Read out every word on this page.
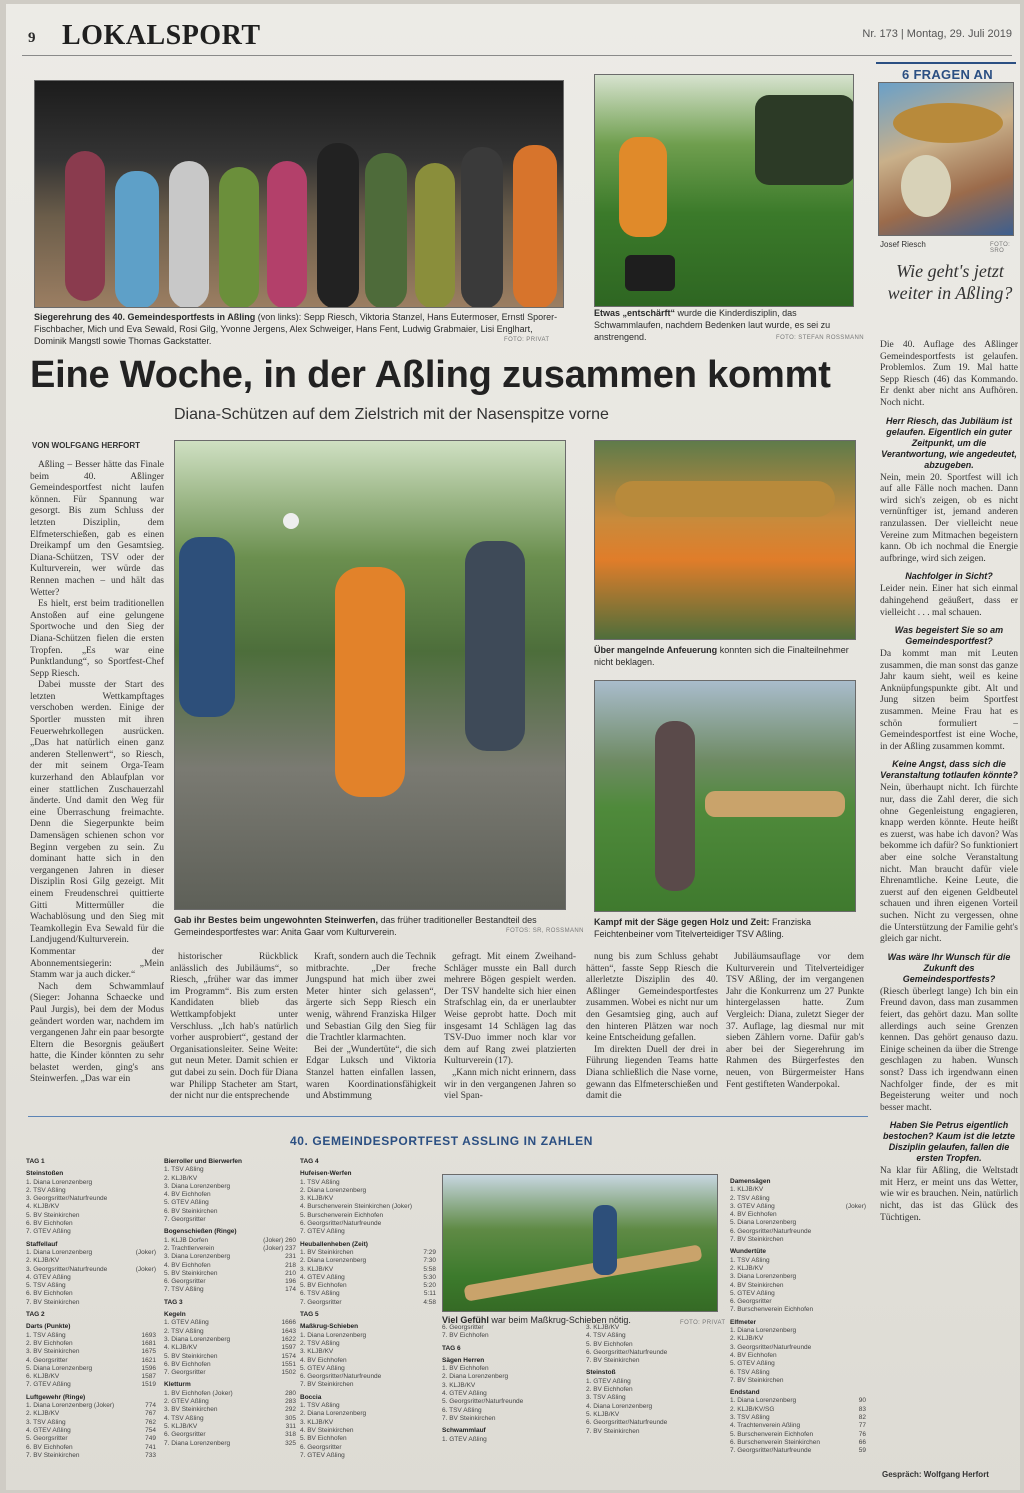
9 LOKALSPORT	Nr. 173 | Montag, 29. Juli 2019
Siegerehrung des 40. Gemeindesportfests in Aßling (von links): Sepp Riesch, Viktoria Stanzel, Hans Eutermoser, Ernstl Sporer-Fischbacher, Mich und Eva Sewald, Rosi Gilg, Yvonne Jergens, Alex Schweiger, Hans Fent, Ludwig Grabmaier, Lisi Englhart, Dominik Mangstl sowie Thomas Gackstatter.	FOTO: PRIVAT
Etwas „entschärft“ wurde die Kinderdisziplin, das Schwammlaufen, nachdem Bedenken laut wurde, es sei zu anstrengend.	FOTO: STEFAN ROSSMANN
6 FRAGEN AN
Josef Riesch	FOTO: SRO
Wie geht's jetzt weiter in Aßling?

Die 40. Auflage des Aßlinger Gemeindesportfests ist gelaufen. Problemlos. Zum 19. Mal hatte Sepp Riesch (46) das Kommando. Er denkt aber nicht ans Aufhören. Noch nicht.

Herr Riesch, das Jubiläum ist gelaufen. Eigentlich ein guter Zeitpunkt, um die Verantwortung, wie angedeutet, abzugeben.

Nein, mein 20. Sportfest will ich auf alle Fälle noch machen. Dann wird sich's zeigen, ob es nicht vernünftiger ist, jemand anderen ranzulassen. Der vielleicht neue Vereine zum Mitmachen begeistern kann. Ob ich nochmal die Energie aufbringe, wird sich zeigen.

Nachfolger in Sicht?

Leider nein. Einer hat sich einmal dahingehend geäußert, dass er vielleicht . . . mal schauen.

Was begeistert Sie so am Gemeindesportfest?

Da kommt man mit Leuten zusammen, die man sonst das ganze Jahr kaum sieht, weil es keine Anknüpfungspunkte gibt. Alt und Jung sitzen beim Sportfest zusammen. Meine Frau hat es schön formuliert – Gemeindesportfest ist eine Woche, in der Aßling zusammen kommt.

Keine Angst, dass sich die Veranstaltung totlaufen könnte?

Nein, überhaupt nicht. Ich fürchte nur, dass die Zahl derer, die sich ohne Gegenleistung engagieren, knapp werden könnte. Heute heißt es zuerst, was habe ich davon? Was bekomme ich dafür? So funktioniert aber eine solche Veranstaltung nicht. Man braucht dafür viele Ehrenamtliche. Keine Leute, die zuerst auf den eigenen Geldbeutel schauen und ihren eigenen Vorteil suchen. Nicht zu vergessen, ohne die Unterstützung der Familie geht's gleich gar nicht.

Was wäre Ihr Wunsch für die Zukunft des Gemeindesportfests?

(Riesch überlegt lange) Ich bin ein Freund davon, dass man zusammen feiert, das gehört dazu. Man sollte allerdings auch seine Grenzen kennen. Das gehört genauso dazu. Einige scheinen da über die Strenge geschlagen zu haben. Wunsch sonst? Dass ich irgendwann einen Nachfolger finde, der es mit Begeisterung weiter und noch besser macht.

Haben Sie Petrus eigentlich bestochen? Kaum ist die letzte Disziplin gelaufen, fallen die ersten Tropfen.

Na klar für Aßling, die Weltstadt mit Herz, er meint uns das Wetter, wie wir es brauchen. Nein, natürlich nicht, das ist das Glück des Tüchtigen.

Gespräch: Wolfgang Herfort
Eine Woche, in der Aßling zusammen kommt
Diana-Schützen auf dem Zielstrich mit der Nasenspitze vorne
VON WOLFGANG HERFORT

Aßling – Besser hätte das Finale beim 40. Aßlinger Gemeindesportfest nicht laufen können. Für Spannung war gesorgt. Bis zum Schluss der letzten Disziplin, dem Elfmeterschießen, gab es einen Dreikampf um den Gesamtsieg. Diana-Schützen, TSV oder der Kulturverein, wer würde das Rennen machen – und hält das Wetter?

Es hielt, erst beim traditionellen Anstoßen auf eine gelungene Sportwoche und den Sieg der Diana-Schützen fielen die ersten Tropfen. „Es war eine Punktlandung“, so Sportfest-Chef Sepp Riesch.

Dabei musste der Start des letzten Wettkampftages verschoben werden. Einige der Sportler mussten mit ihren Feuerwehrkollegen ausrücken. „Das hat natürlich einen ganz anderen Stellenwert“, so Riesch, der mit seinem Orga-Team kurzerhand den Ablaufplan vor einer stattlichen Zuschauerzahl änderte. Und damit den Weg für eine Überraschung freimachte. Denn die Siegerpunkte beim Damensägen schienen schon vor Beginn vergeben zu sein. Zu dominant hatte sich in den vergangenen Jahren in dieser Disziplin Rosi Gilg gezeigt. Mit einem Freudenschrei quittierte Gitti Mittermüller die Wachablösung und den Sieg mit Teamkollegin Eva Sewald für die Landjugend/Kulturverein. Kommentar der Abonnementsiegerin: „Mein Stamm war ja auch dicker.“

Nach dem Schwammlauf (Sieger: Johanna Schaecke und Paul Jurgis), bei dem der Modus geändert worden war, nachdem im vergangenen Jahr ein paar besorgte Eltern die Besorgnis geäußert hatte, die Kinder könnten zu sehr belastet werden, ging's ans Steinwerfen. „Das war ein

Gab ihr Bestes beim ungewohnten Steinwerfen, das früher traditioneller Bestandteil des Gemeindesportfestes war: Anita Gaar vom Kulturverein.	FOTOS: SR, ROSSMANN
Über mangelnde Anfeuerung konnten sich die Finalteilnehmer nicht beklagen.
Kampf mit der Säge gegen Holz und Zeit: Franziska Feichtenbeiner vom Titelverteidiger TSV Aßling.

historischer Rückblick anlässlich des Jubiläums“, so Riesch, „früher war das immer im Programm“. Bis zum ersten Kandidaten blieb das Wettkampfobjekt unter Verschluss. „Ich hab's natürlich vorher ausprobiert“, gestand der Organisationsleiter. Seine Weite: gut neun Meter. Damit schien er gut dabei zu sein. Doch für Diana war Philipp Stacheter am Start, der nicht nur die entsprechende

Kraft, sondern auch die Technik mitbrachte. „Der freche Jungspund hat mich über zwei Meter hinter sich gelassen“, ärgerte sich Sepp Riesch ein wenig, während Franziska Hilger und Sebastian Gilg den Sieg für die Trachtler klarmachten.

Bei der „Wundertüte“, die sich Edgar Luksch und Viktoria Stanzel hatten einfallen lassen, waren Koordinationsfähigkeit und Abstimmung

gefragt. Mit einem Zweihand-Schläger musste ein Ball durch mehrere Bögen gespielt werden. Der TSV handelte sich hier einen Strafschlag ein, da er unerlaubter Weise geprobt hatte. Doch mit insgesamt 14 Schlägen lag das TSV-Duo immer noch klar vor dem auf Rang zwei platzierten Kulturverein (17).

„Kann mich nicht erinnern, dass wir in den vergangenen Jahren so viel Span-

nung bis zum Schluss gehabt hätten“, fasste Sepp Riesch die allerletzte Disziplin des 40. Aßlinger Gemeindesportfestes zusammen. Wobei es nicht nur um den Gesamtsieg ging, auch auf den hinteren Plätzen war noch keine Entscheidung gefallen.

Im direkten Duell der drei in Führung liegenden Teams hatte Diana schließlich die Nase vorne, gewann das Elfmeterschießen und damit die

Jubiläumsauflage vor dem Kulturverein und Titelverteidiger TSV Aßling, der im vergangenen Jahr die Konkurrenz um 27 Punkte hintergelassen hatte. Zum Vergleich: Diana, zuletzt Sieger der 37. Auflage, lag diesmal nur mit sieben Zählern vorne. Dafür gab's aber bei der Siegerehrung im Rahmen des Bürgerfestes den neuen, von Bürgermeister Hans Fent gestifteten Wanderpokal.

40. GEMEINDESPORTFEST ASSLING IN ZAHLEN
TAG 1
Steinstoßen
1. Diana Lorenzenberg
2. TSV Aßling
3. Georgsritter/Naturfreunde
4. KLJB/KV
5. BV Steinkirchen
6. BV Eichhofen
7. GTEV Aßling
Staffellauf
1. Diana Lorenzenberg	(Joker)
2. KLJB/KV
3. Georgsritter/Naturfreunde	(Joker)
4. GTEV Aßling
5. TSV Aßling
6. BV Eichhofen
7. BV Steinkirchen
TAG 2
Darts (Punkte)
1. TSV Aßling	1693
2. BV Eichhofen	1681
3. BV Steinkirchen	1675
4. Georgsritter	1621
5. Diana Lorenzenberg	1596
6. KLJB/KV	1587
7. GTEV Aßling	1519
Luftgewehr (Ringe)
1. Diana Lorenzenberg (Joker)	774
2. KLJB/KV	767
3. TSV Aßling	762
4. GTEV Aßling	754
5. Georgsritter	749
6. BV Eichhofen	741
7. BV Steinkirchen	733
Bierroller und Bierwerfen
1. TSV Aßling
2. KLJB/KV
3. Diana Lorenzenberg
4. BV Eichhofen
5. GTEV Aßling
6. BV Steinkirchen
7. Georgsritter
Bogenschießen (Ringe)
1. KLJB Dorfen	(Joker) 260
2. Trachtlerverein	(Joker) 237
3. Diana Lorenzenberg	231
4. BV Eichhofen	218
5. BV Steinkirchen	210
6. Georgsritter	196
7. TSV Aßling	174
TAG 3
Kegeln
1. GTEV Aßling	1666
2. TSV Aßling	1643
3. Diana Lorenzenberg	1622
4. KLJB/KV	1597
5. BV Steinkirchen	1574
6. BV Eichhofen	1551
7. Georgsritter	1502
Kletturm
1. BV Eichhofen (Joker)	280
2. GTEV Aßling	283
3. BV Steinkirchen	292
4. TSV Aßling	305
5. KLJB/KV	311
6. Georgsritter	318
7. Diana Lorenzenberg	325
TAG 4
Hufeisen-Werfen
1. TSV Aßling
2. Diana Lorenzenberg
3. KLJB/KV
4. Burschenverein Steinkirchen (Joker)
5. Burschenverein Eichhofen
6. Georgsritter/Naturfreunde
7. GTEV Aßling
Heuballenheben (Zeit)
1. BV Steinkirchen	7:29
2. Diana Lorenzenberg	7:30
3. KLJB/KV	5:58
4. GTEV Aßling	5:30
5. BV Eichhofen	5:20
6. TSV Aßling	5:11
7. Georgsritter	4:58
TAG 5
Maßkrug-Schieben
1. Diana Lorenzenberg
2. TSV Aßling
3. KLJB/KV
4. BV Eichhofen
5. GTEV Aßling
6. Georgsritter/Naturfreunde
7. BV Steinkirchen
Boccia
1. TSV Aßling
2. Diana Lorenzenberg
3. KLJB/KV
4. BV Steinkirchen
5. BV Eichhofen
6. Georgsritter
7. GTEV Aßling
6. Georgsritter
7. BV Eichhofen
TAG 6
Sägen Herren
1. BV Eichhofen
2. Diana Lorenzenberg
3. KLJB/KV
4. GTEV Aßling
5. Georgsritter/Naturfreunde
6. TSV Aßling
7. BV Steinkirchen
Schwammlauf
1. GTEV Aßling
3. KLJB/KV
4. TSV Aßling
5. BV Eichhofen
6. Georgsritter/Naturfreunde
7. BV Steinkirchen
Steinstoß
1. GTEV Aßling
2. BV Eichhofen
3. TSV Aßling
4. Diana Lorenzenberg
5. KLJB/KV
6. Georgsritter/Naturfreunde
7. BV Steinkirchen
Damensägen
1. KLJB/KV
2. TSV Aßling
3. GTEV Aßling	(Joker)
4. BV Eichhofen
5. Diana Lorenzenberg
6. Georgsritter/Naturfreunde
7. BV Steinkirchen
Wundertüte
1. TSV Aßling
2. KLJB/KV
3. Diana Lorenzenberg
4. BV Steinkirchen
5. GTEV Aßling
6. Georgsritter
7. Burschenverein Eichhofen
Elfmeter
1. Diana Lorenzenberg
2. KLJB/KV
3. Georgsritter/Naturfreunde
4. BV Eichhofen
5. GTEV Aßling
6. TSV Aßling
7. BV Steinkirchen
Endstand
1. Diana Lorenzenberg	90
2. KLJB/KV/SG	83
3. TSV Aßling	82
4. Trachtenverein Aßling	77
5. Burschenverein Eichhofen	76
6. Burschenverein Steinkirchen	66
7. Georgsritter/Naturfreunde	59
Viel Gefühl war beim Maßkrug-Schieben nötig.	FOTO: PRIVAT
